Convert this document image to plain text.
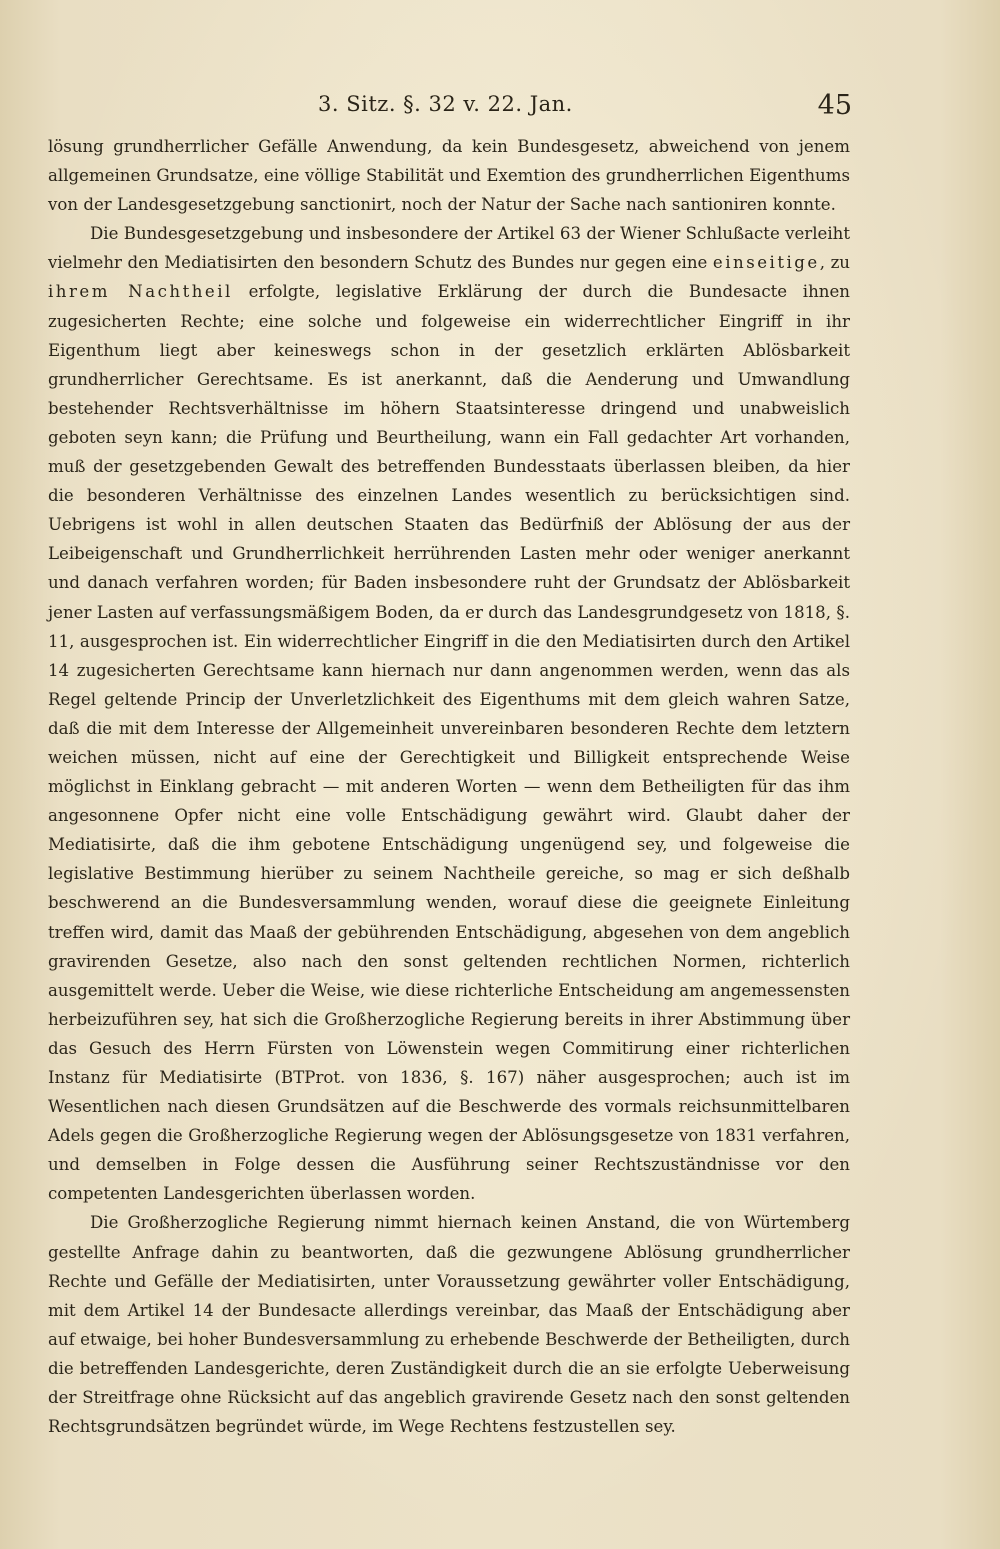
3. Sitz. §. 32 v. 22. Jan.	45

lösung grundherrlicher Gefälle Anwendung, da kein Bundesgesetz, abweichend von jenem allgemeinen Grundsatze, eine völlige Stabilität und Exemtion des grundherrlichen Eigenthums von der Landesgesetzgebung sanctionirt, noch der Natur der Sache nach santioniren konnte.

Die Bundesgesetzgebung und insbesondere der Artikel 63 der Wiener Schlußacte verleiht vielmehr den Mediatisirten den besondern Schutz des Bundes nur gegen eine einseitige, zu ihrem Nachtheil erfolgte, legislative Erklärung der durch die Bundesacte ihnen zugesicherten Rechte; eine solche und folgeweise ein widerrechtlicher Eingriff in ihr Eigenthum liegt aber keineswegs schon in der gesetzlich erklärten Ablösbarkeit grundherrlicher Gerechtsame. Es ist anerkannt, daß die Aenderung und Umwandlung bestehender Rechtsverhältnisse im höhern Staatsinteresse dringend und unabweislich geboten seyn kann; die Prüfung und Beurtheilung, wann ein Fall gedachter Art vorhanden, muß der gesetzgebenden Gewalt des betreffenden Bundesstaats überlassen bleiben, da hier die besonderen Verhältnisse des einzelnen Landes wesentlich zu berücksichtigen sind. Uebrigens ist wohl in allen deutschen Staaten das Bedürfniß der Ablösung der aus der Leibeigenschaft und Grundherrlichkeit herrührenden Lasten mehr oder weniger anerkannt und danach verfahren worden; für Baden insbesondere ruht der Grundsatz der Ablösbarkeit jener Lasten auf verfassungsmäßigem Boden, da er durch das Landesgrundgesetz von 1818, §. 11, ausgesprochen ist. Ein widerrechtlicher Eingriff in die den Mediatisirten durch den Artikel 14 zugesicherten Gerechtsame kann hiernach nur dann angenommen werden, wenn das als Regel geltende Princip der Unverletzlichkeit des Eigenthums mit dem gleich wahren Satze, daß die mit dem Interesse der Allgemeinheit unvereinbaren besonderen Rechte dem letztern weichen müssen, nicht auf eine der Gerechtigkeit und Billigkeit entsprechende Weise möglichst in Einklang gebracht — mit anderen Worten — wenn dem Betheiligten für das ihm angesonnene Opfer nicht eine volle Entschädigung gewährt wird. Glaubt daher der Mediatisirte, daß die ihm gebotene Entschädigung ungenügend sey, und folgeweise die legislative Bestimmung hierüber zu seinem Nachtheile gereiche, so mag er sich deßhalb beschwerend an die Bundesversammlung wenden, worauf diese die geeignete Einleitung treffen wird, damit das Maaß der gebührenden Entschädigung, abgesehen von dem angeblich gravirenden Gesetze, also nach den sonst geltenden rechtlichen Normen, richterlich ausgemittelt werde. Ueber die Weise, wie diese richterliche Entscheidung am angemessensten herbeizuführen sey, hat sich die Großherzogliche Regierung bereits in ihrer Abstimmung über das Gesuch des Herrn Fürsten von Löwenstein wegen Commitirung einer richterlichen Instanz für Mediatisirte (BTProt. von 1836, §. 167) näher ausgesprochen; auch ist im Wesentlichen nach diesen Grundsätzen auf die Beschwerde des vormals reichsunmittelbaren Adels gegen die Großherzogliche Regierung wegen der Ablösungsgesetze von 1831 verfahren, und demselben in Folge dessen die Ausführung seiner Rechtszuständnisse vor den competenten Landesgerichten überlassen worden.

Die Großherzogliche Regierung nimmt hiernach keinen Anstand, die von Würtemberg gestellte Anfrage dahin zu beantworten, daß die gezwungene Ablösung grundherrlicher Rechte und Gefälle der Mediatisirten, unter Voraussetzung gewährter voller Entschädigung, mit dem Artikel 14 der Bundesacte allerdings vereinbar, das Maaß der Entschädigung aber auf etwaige, bei hoher Bundesversammlung zu erhebende Beschwerde der Betheiligten, durch die betreffenden Landesgerichte, deren Zuständigkeit durch die an sie erfolgte Ueberweisung der Streitfrage ohne Rücksicht auf das angeblich gravirende Gesetz nach den sonst geltenden Rechtsgrundsätzen begründet würde, im Wege Rechtens festzustellen sey.
